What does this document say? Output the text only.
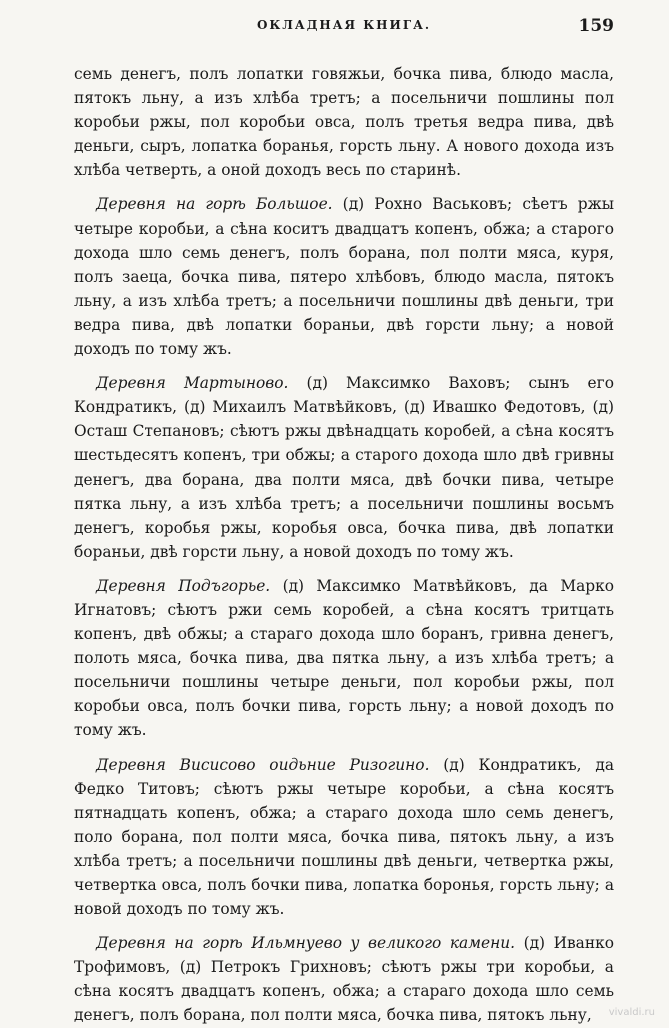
ОКЛАДНАЯ КНИГА.	159

семь денегъ, полъ лопатки говяжьи, бочка пива, блюдо масла, пятокъ льну, а изъ хлѣба третъ; а посельничи пошлины пол коробьи ржы, пол коробьи овса, полъ третья ведра пива, двѣ деньги, сыръ, лопатка боранья, горсть льну. А нового дохода изъ хлѣба четверть, а оной доходъ весь по старинѣ.

Деревня на горѣ Большое. (д) Рохно Васьковъ; сѣетъ ржы четыре коробьи, а сѣна коситъ двадцатъ копенъ, обжа; а старого дохода шло семь денегъ, полъ борана, пол полти мяса, куря, полъ заеца, бочка пива, пятеро хлѣбовъ, блюдо масла, пятокъ льну, а изъ хлѣба третъ; а посельничи пошлины двѣ деньги, три ведра пива, двѣ лопатки бораньи, двѣ горсти льну; а новой доходъ по тому жъ.

Деревня Мартыново. (д) Максимко Ваховъ; сынъ его Кондратикъ, (д) Михаилъ Матвѣйковъ, (д) Ивашко Федотовъ, (д) Осташ Степановъ; сѣютъ ржы двѣнадцать коробей, а сѣна косятъ шестьдесятъ копенъ, три обжы; а старого дохода шло двѣ гривны денегъ, два борана, два полти мяса, двѣ бочки пива, четыре пятка льну, а изъ хлѣба третъ; а посельничи пошлины восьмъ денегъ, коробья ржы, коробья овса, бочка пива, двѣ лопатки бораньи, двѣ горсти льну, а новой доходъ по тому жъ.

Деревня Подъгорье. (д) Максимко Матвѣйковъ, да Марко Игнатовъ; сѣютъ ржи семь коробей, а сѣна косятъ тритцать копенъ, двѣ обжы; а стараго дохода шло боранъ, гривна денегъ, полоть мяса, бочка пива, два пятка льну, а изъ хлѣба третъ; а посельничи пошлины четыре деньги, пол коробьи ржы, пол коробьи овса, полъ бочки пива, горсть льну; а новой доходъ по тому жъ.

Деревня Висисово оидьние Ризогино. (д) Кондратикъ, да Федко Титовъ; сѣютъ ржы четыре коробьи, а сѣна косятъ пятнадцать копенъ, обжа; а стараго дохода шло семь денегъ, поло борана, пол полти мяса, бочка пива, пятокъ льну, а изъ хлѣба третъ; а посельничи пошлины двѣ деньги, четвертка ржы, четвертка овса, полъ бочки пива, лопатка боронья, горсть льну; а новой доходъ по тому жъ.

Деревня на горѣ Ильмнуево у великого камени. (д) Иванко Трофимовъ, (д) Петрокъ Грихновъ; сѣютъ ржы три коробьи, а сѣна косятъ двадцатъ копенъ, обжа; а стараго дохода шло семь денегъ, полъ борана, пол полти мяса, бочка пива, пятокъ льну,	vivaldi.ru
